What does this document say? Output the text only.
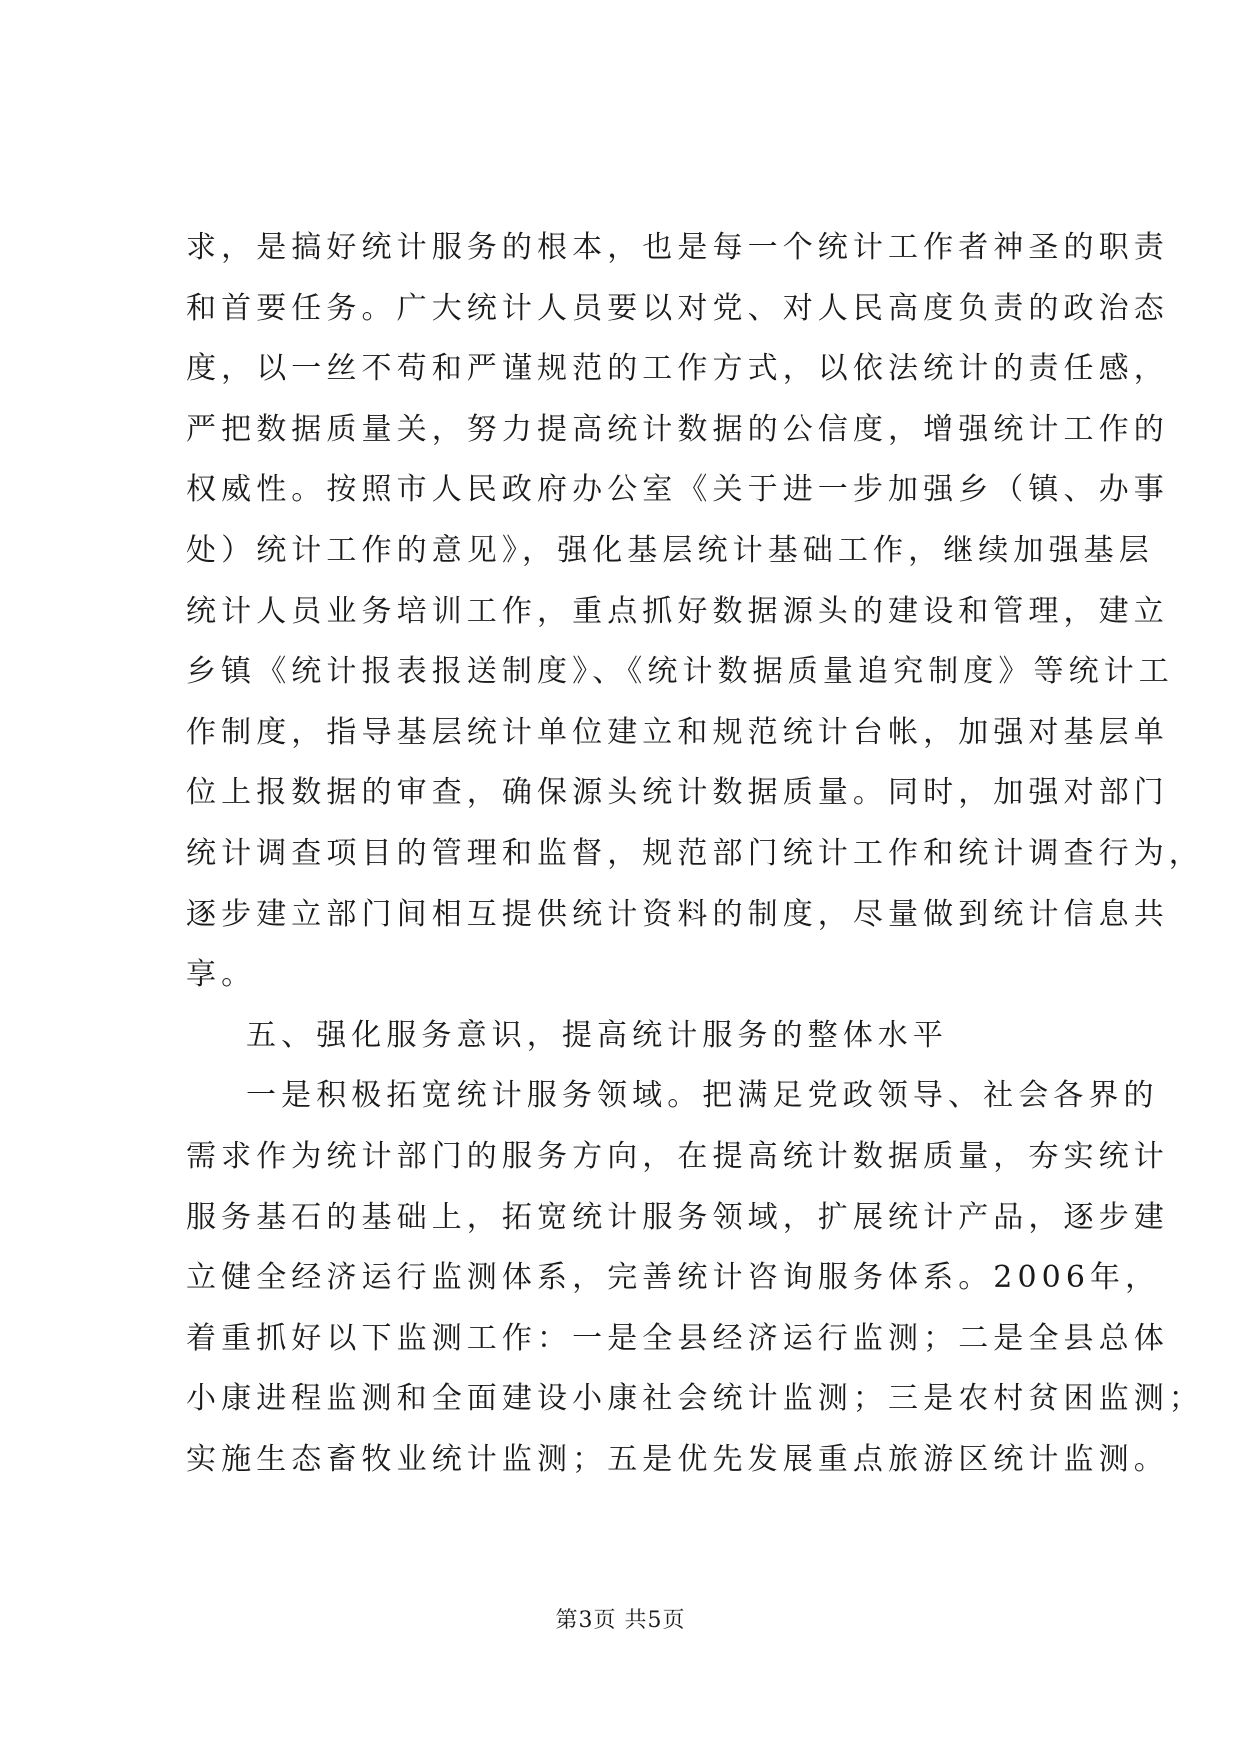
求，是搞好统计服务的根本，也是每一个统计工作者神圣的职责

和首要任务。广大统计人员要以对党、对人民高度负责的政治态

度，以一丝不苟和严谨规范的工作方式，以依法统计的责任感，

严把数据质量关，努力提高统计数据的公信度，增强统计工作的

权威性。按照市人民政府办公室《关于进一步加强乡（镇、办事

处）统计工作的意见》，强化基层统计基础工作，继续加强基层

统计人员业务培训工作，重点抓好数据源头的建设和管理，建立

乡镇《统计报表报送制度》、《统计数据质量追究制度》等统计工

作制度，指导基层统计单位建立和规范统计台帐，加强对基层单

位上报数据的审查，确保源头统计数据质量。同时，加强对部门

统计调查项目的管理和监督，规范部门统计工作和统计调查行为，

逐步建立部门间相互提供统计资料的制度，尽量做到统计信息共

享。

五、强化服务意识，提高统计服务的整体水平

一是积极拓宽统计服务领域。把满足党政领导、社会各界的

需求作为统计部门的服务方向，在提高统计数据质量，夯实统计

服务基石的基础上，拓宽统计服务领域，扩展统计产品，逐步建

立健全经济运行监测体系，完善统计咨询服务体系。2006年，

着重抓好以下监测工作：一是全县经济运行监测；二是全县总体

小康进程监测和全面建设小康社会统计监测；三是农村贫困监测；

实施生态畜牧业统计监测；五是优先发展重点旅游区统计监测。

第3页 共5页
